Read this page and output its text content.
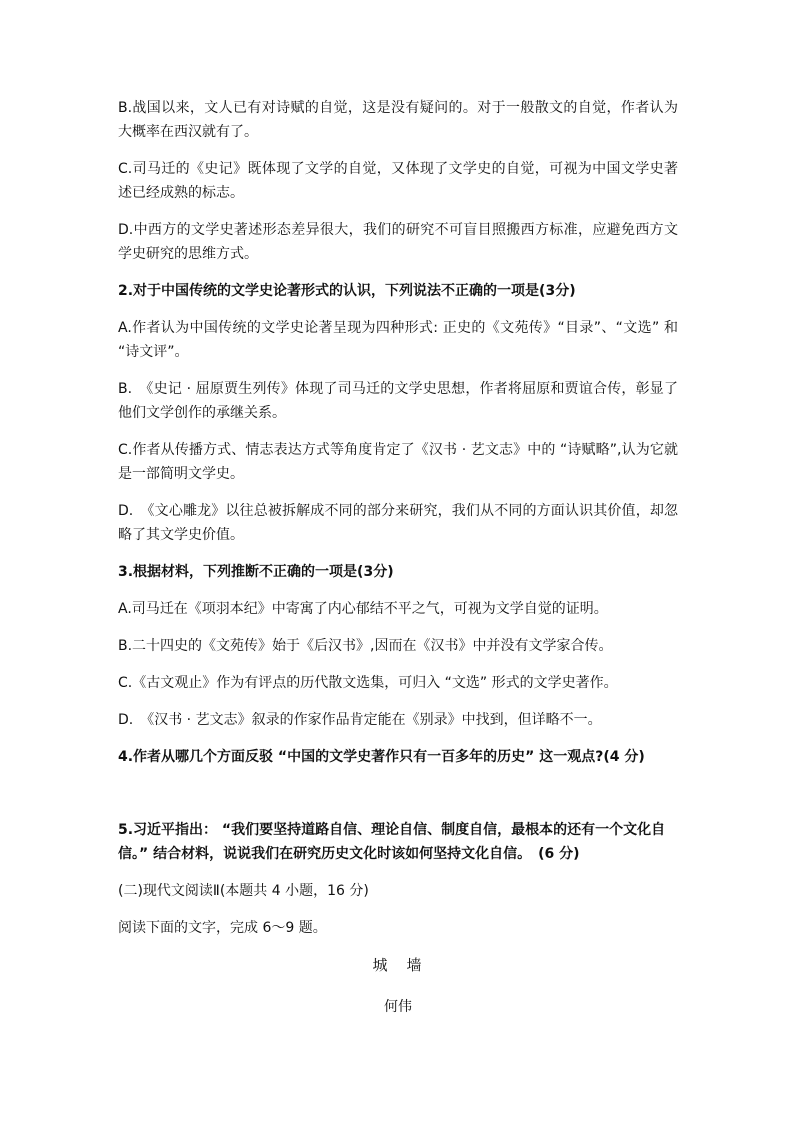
B.战国以来，文人已有对诗赋的自觉，这是没有疑问的。对于一般散文的自觉，作者认为大概率在西汉就有了。

C.司马迁的《史记》既体现了文学的自觉，又体现了文学史的自觉，可视为中国文学史著述已经成熟的标志。

D.中西方的文学史著述形态差异很大，我们的研究不可盲目照搬西方标准，应避免西方文学史研究的思维方式。

2.对于中国传统的文学史论著形式的认识，下列说法不正确的一项是(3分)

A.作者认为中国传统的文学史论著呈现为四种形式: 正史的《文苑传》“目录”、“文选” 和 “诗文评”。

B.　《史记 · 屈原贾生列传》体现了司马迁的文学史思想，作者将屈原和贾谊合传，彰显了他们文学创作的承继关系。

C.作者从传播方式、情志表达方式等角度肯定了《汉书 · 艺文志》中的 “诗赋略”,认为它就是一部简明文学史。

D.　《文心雕龙》以往总被拆解成不同的部分来研究，我们从不同的方面认识其价值，却忽略了其文学史价值。

3.根据材料，下列推断不正确的一项是(3分)

A.司马迁在《项羽本纪》中寄寓了内心郁结不平之气，可视为文学自觉的证明。

B.二十四史的《文苑传》始于《后汉书》,因而在《汉书》中并没有文学家合传。

C.《古文观止》作为有评点的历代散文选集，可归入 “文选” 形式的文学史著作。

D.　《汉书 · 艺文志》叙录的作家作品肯定能在《别录》中找到，但详略不一。

4.作者从哪几个方面反驳 “中国的文学史著作只有一百多年的历史” 这一观点?(4 分)

5.习近平指出： “我们要坚持道路自信、理论自信、制度自信，最根本的还有一个文化自信。” 结合材料，说说我们在研究历史文化时该如何坚持文化自信。　(6 分)

(二)现代文阅读Ⅱ(本题共 4 小题，16 分)

阅读下面的文字，完成 6～9 题。

城　墙

何伟
